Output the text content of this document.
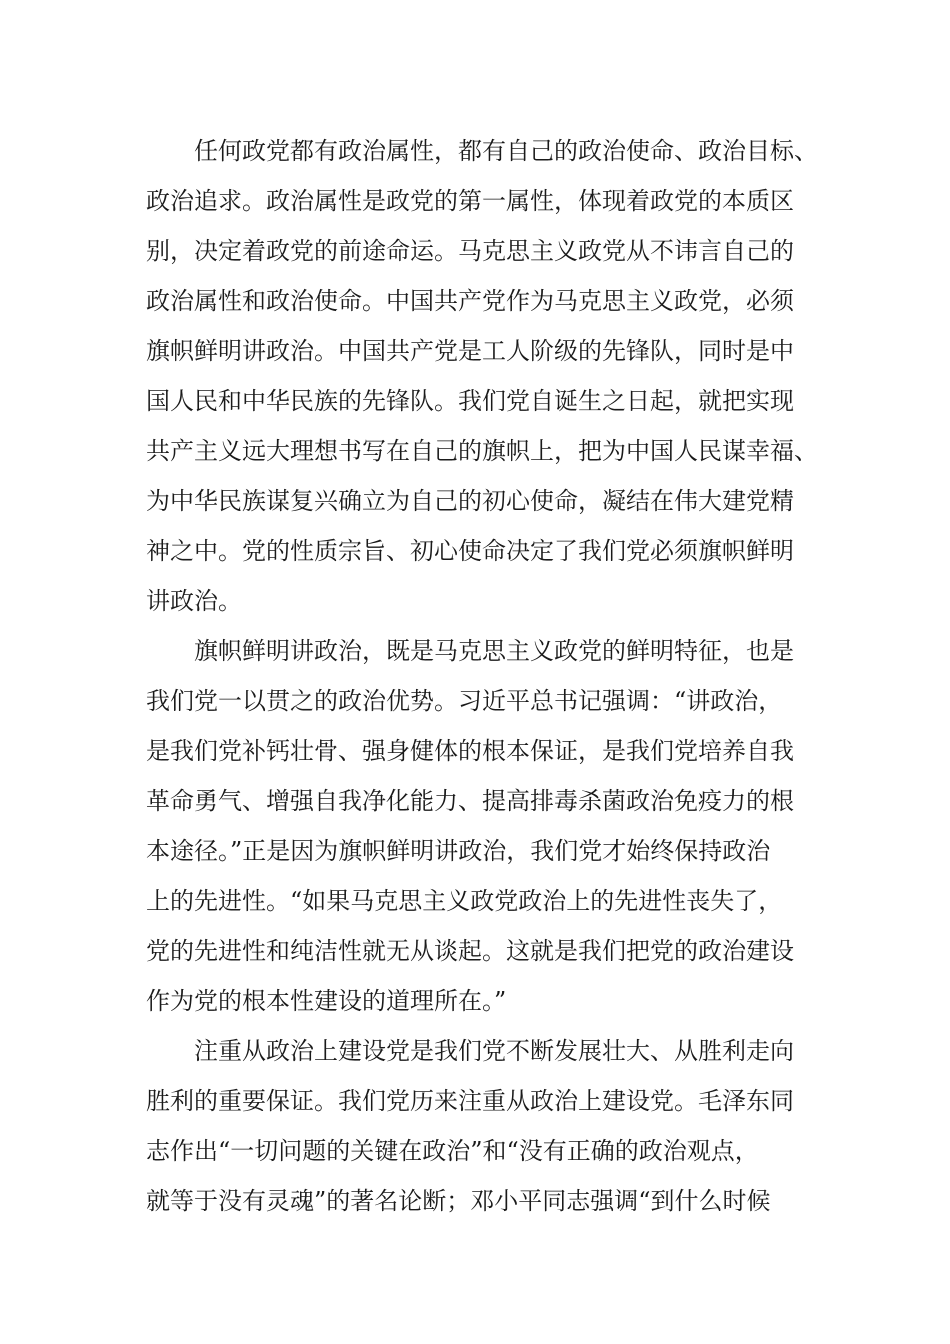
任何政党都有政治属性，都有自己的政治使命、政治目标、
政治追求。政治属性是政党的第一属性，体现着政党的本质区
别，决定着政党的前途命运。马克思主义政党从不讳言自己的
政治属性和政治使命。中国共产党作为马克思主义政党，必须
旗帜鲜明讲政治。中国共产党是工人阶级的先锋队，同时是中
国人民和中华民族的先锋队。我们党自诞生之日起，就把实现
共产主义远大理想书写在自己的旗帜上，把为中国人民谋幸福、
为中华民族谋复兴确立为自己的初心使命，凝结在伟大建党精
神之中。党的性质宗旨、初心使命决定了我们党必须旗帜鲜明
讲政治。
旗帜鲜明讲政治，既是马克思主义政党的鲜明特征，也是
我们党一以贯之的政治优势。习近平总书记强调：“讲政治，
是我们党补钙壮骨、强身健体的根本保证，是我们党培养自我
革命勇气、增强自我净化能力、提高排毒杀菌政治免疫力的根
本途径。”正是因为旗帜鲜明讲政治，我们党才始终保持政治
上的先进性。“如果马克思主义政党政治上的先进性丧失了，
党的先进性和纯洁性就无从谈起。这就是我们把党的政治建设
作为党的根本性建设的道理所在。”
注重从政治上建设党是我们党不断发展壮大、从胜利走向
胜利的重要保证。我们党历来注重从政治上建设党。毛泽东同
志作出“一切问题的关键在政治”和“没有正确的政治观点，
就等于没有灵魂”的著名论断；邓小平同志强调“到什么时候
